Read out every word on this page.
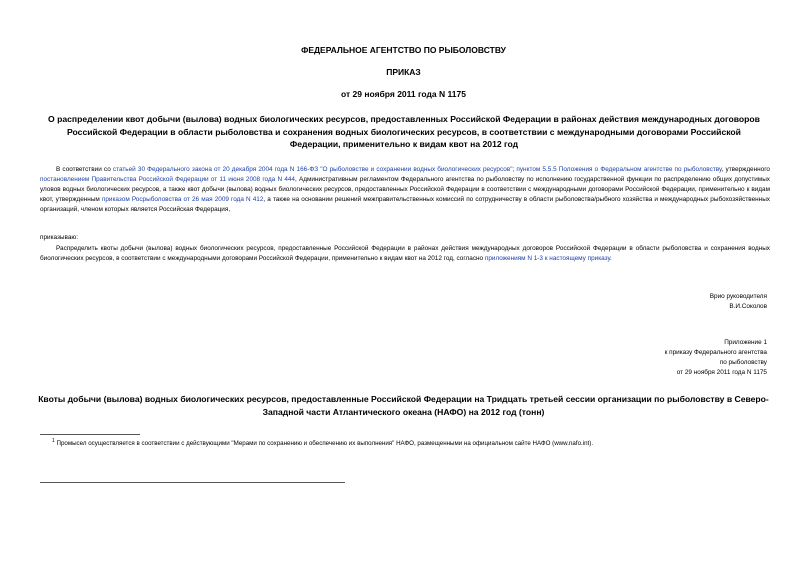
ФЕДЕРАЛЬНОЕ АГЕНТСТВО ПО РЫБОЛОВСТВУ
ПРИКАЗ
от 29 ноября 2011 года N 1175
О распределении квот добычи (вылова) водных биологических ресурсов, предоставленных Российской Федерации в районах действия международных договоров Российской Федерации в области рыболовства и сохранения водных биологических ресурсов, в соответствии с международными договорами Российской Федерации, применительно к видам квот на 2012 год
В соответствии со статьей 30 Федерального закона от 20 декабря 2004 года N 166-ФЗ "О рыболовстве и сохранении водных биологических ресурсов"; пунктом 5.5.5 Положения о Федеральном агентстве по рыболовству, утвержденного постановлением Правительства Российской Федерации от 11 июня 2008 года N 444, Административным регламентом Федерального агентства по рыболовству по исполнению государственной функции по распределению общих допустимых уловов водных биологических ресурсов, а также квот добычи (вылова) водных биологических ресурсов, предоставленных Российской Федерации в соответствии с международными договорами Российской Федерации, применительно к видам квот, утвержденным приказом Росрыболовства от 26 мая 2009 года N 412, а также на основании решений межправительственных комиссий по сотрудничеству в области рыболовства/рыбного хозяйства и международных рыбохозяйственных организаций, членом которых является Российская Федерация,
приказываю:
Распределить квоты добычи (вылова) водных биологических ресурсов, предоставленные Российской Федерации в районах действия международных договоров Российской Федерации в области рыболовства и сохранения водных биологических ресурсов, в соответствии с международными договорами Российской Федерации, применительно к видам квот на 2012 год, согласно приложениям N 1-3 к настоящему приказу.
Врио руководителя
В.И.Соколов
Приложение 1
к приказу Федерального агентства
по рыболовству
от 29 ноября 2011 года N 1175
Квоты добычи (вылова) водных биологических ресурсов, предоставленные Российской Федерации на Тридцать третьей сессии организации по рыболовству в Северо-Западной части Атлантического океана (НАФО) на 2012 год (тонн)
$^1$ Промысел осуществляется в соответствии с действующими "Мерами по сохранению и обеспечению их выполнения" НАФО, размещенными на официальном сайте НАФО (www.nafo.int).
